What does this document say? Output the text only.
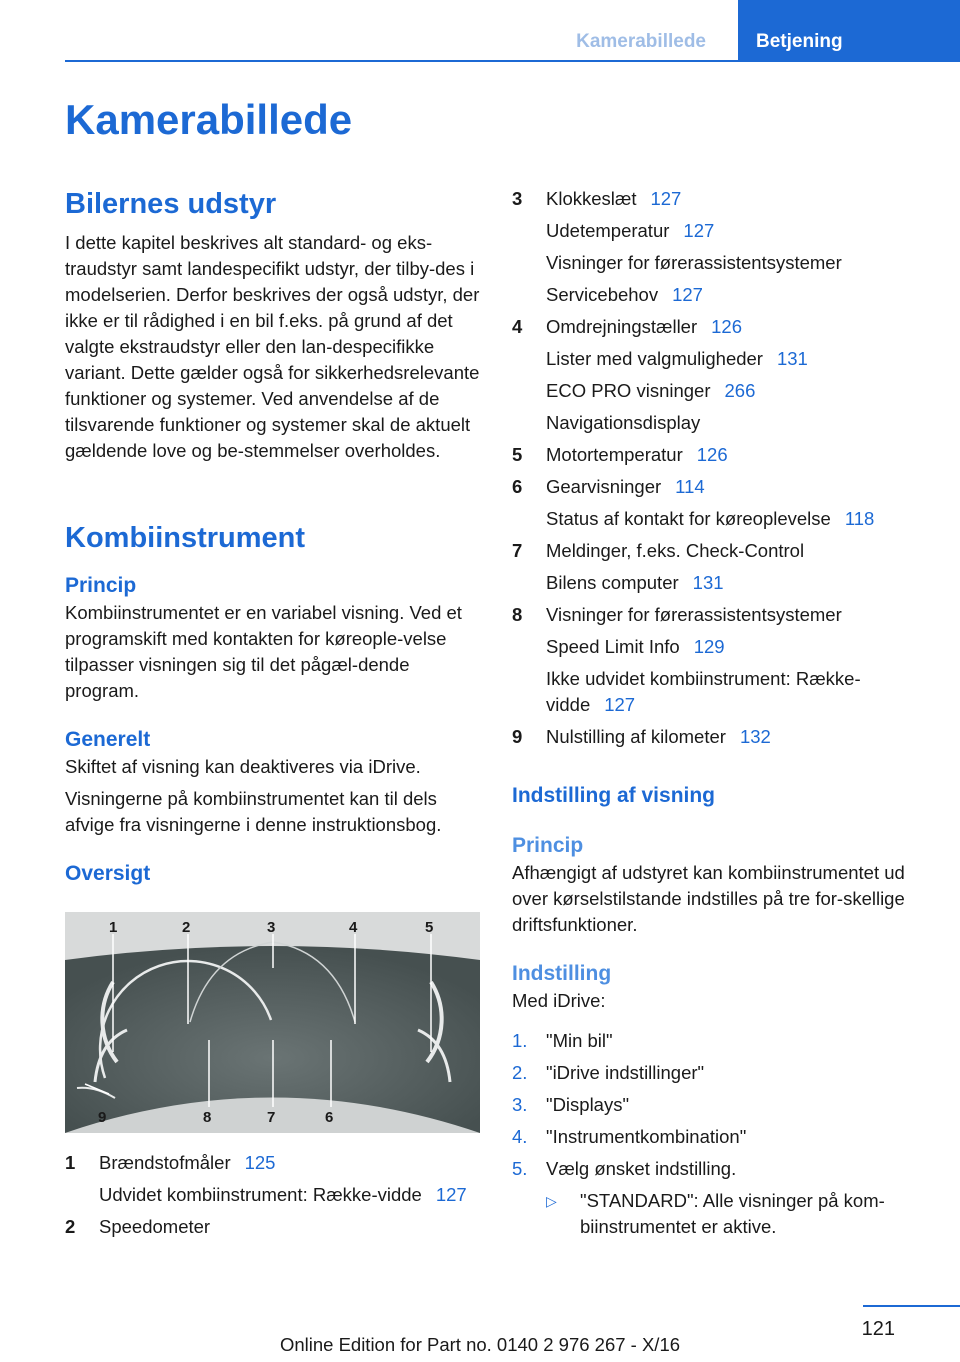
Kamerabillede	Betjening
Kamerabillede
Bilernes udstyr

I dette kapitel beskrives alt standard- og eks-traudstyr samt landespecifikt udstyr, der tilby-des i modelserien. Derfor beskrives der også udstyr, der ikke er til rådighed i en bil f.eks. på grund af det valgte ekstraudstyr eller den lan-despecifikke variant. Dette gælder også for sikkerhedsrelevante funktioner og systemer. Ved anvendelse af de tilsvarende funktioner og systemer skal de aktuelt gældende love og be-stemmelser overholdes.

Kombiinstrument
Princip

Kombiinstrumentet er en variabel visning. Ved et programskift med kontakten for køreople-velse tilpasser visningen sig til det pågæl-dende program.

Generelt

Skiftet af visning kan deaktiveres via iDrive.

Visningerne på kombiinstrumentet kan til dels afvige fra visningerne i denne instruktionsbog.

Oversigt
1	2	3	4	5
6
7
8
9
1	Brændstofmåler 125
Udvidet kombiinstrument: Række-vidde 127
2	Speedometer
3	Klokkeslæt 127
Udetemperatur 127
Visninger for førerassistentsystemer
Servicebehov 127
4	Omdrejningstæller 126
Lister med valgmuligheder 131
ECO PRO visninger 266
Navigationsdisplay
5	Motortemperatur 126
6	Gearvisninger 114
Status af kontakt for køreoplevelse 118
7	Meldinger, f.eks. Check-Control
Bilens computer 131
8	Visninger for førerassistentsystemer
Speed Limit Info 129
Ikke udvidet kombiinstrument: Række-vidde 127
9	Nulstilling af kilometer 132
Indstilling af visning
Princip

Afhængigt af udstyret kan kombiinstrumentet ud over kørselstilstande indstilles på tre for-skellige driftsfunktioner.

Indstilling

Med iDrive:

1.	"Min bil"
2.	"iDrive indstillinger"
3.	"Displays"
4.	"Instrumentkombination"
5.	Vælg ønsket indstilling.
▷	"STANDARD": Alle visninger på kom-biinstrumentet er aktive.
121
Online Edition for Part no. 0140 2 976 267 - X/16
